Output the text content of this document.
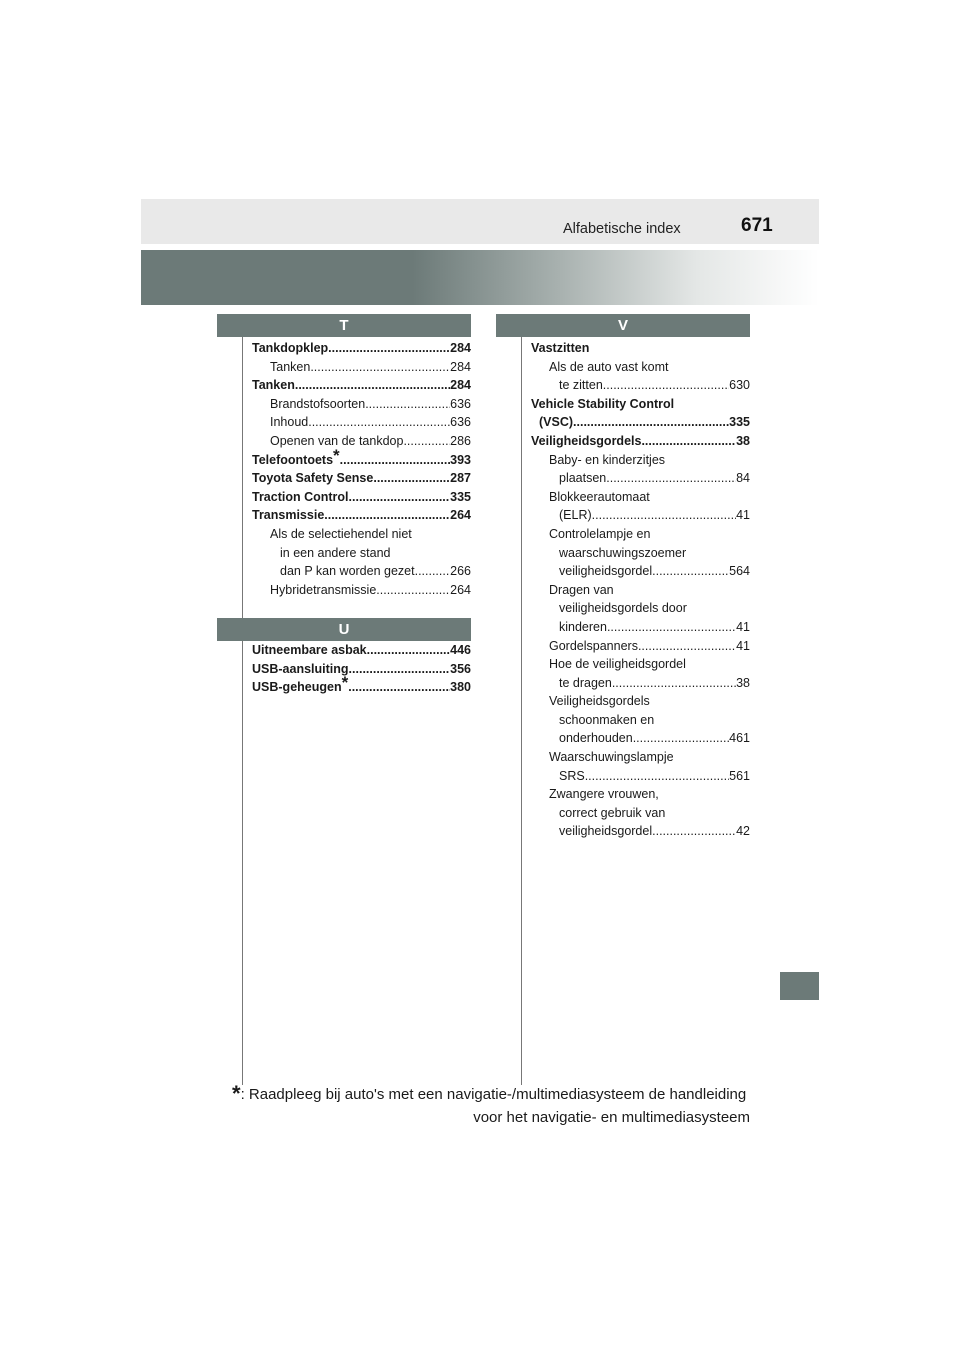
Alfabetische index	671
T
Tankdopklep .....	284
Tanken .....	284
Tanken .....	284
Brandstofsoorten .....	636
Inhoud .....	636
Openen van de tankdop .....	286
Telefoontoets* .....	393
Toyota Safety Sense .....	287
Traction Control .....	335
Transmissie .....	264
Als de selectiehendel niet
in een andere stand
dan P kan worden gezet .....	266
Hybridetransmissie .....	264
U
Uitneembare asbak .....	446
USB-aansluiting .....	356
USB-geheugen* .....	380
V
Vastzitten
Als de auto vast komt
te zitten .....	630
Vehicle Stability Control
(VSC) .....	335
Veiligheidsgordels .....	38
Baby- en kinderzitjes
plaatsen .....	84
Blokkeerautomaat
(ELR) .....	41
Controlelampje en
waarschuwingszoemer
veiligheidsgordel .....	564
Dragen van
veiligheidsgordels door
kinderen .....	41
Gordelspanners .....	41
Hoe de veiligheidsgordel
te dragen .....	38
Veiligheidsgordels
schoonmaken en
onderhouden .....	461
Waarschuwingslampje
SRS .....	561
Zwangere vrouwen,
correct gebruik van
veiligheidsgordel .....	42
*: Raadpleeg bij auto's met een navigatie-/multimediasysteem de handleiding
voor het navigatie- en multimediasysteem
